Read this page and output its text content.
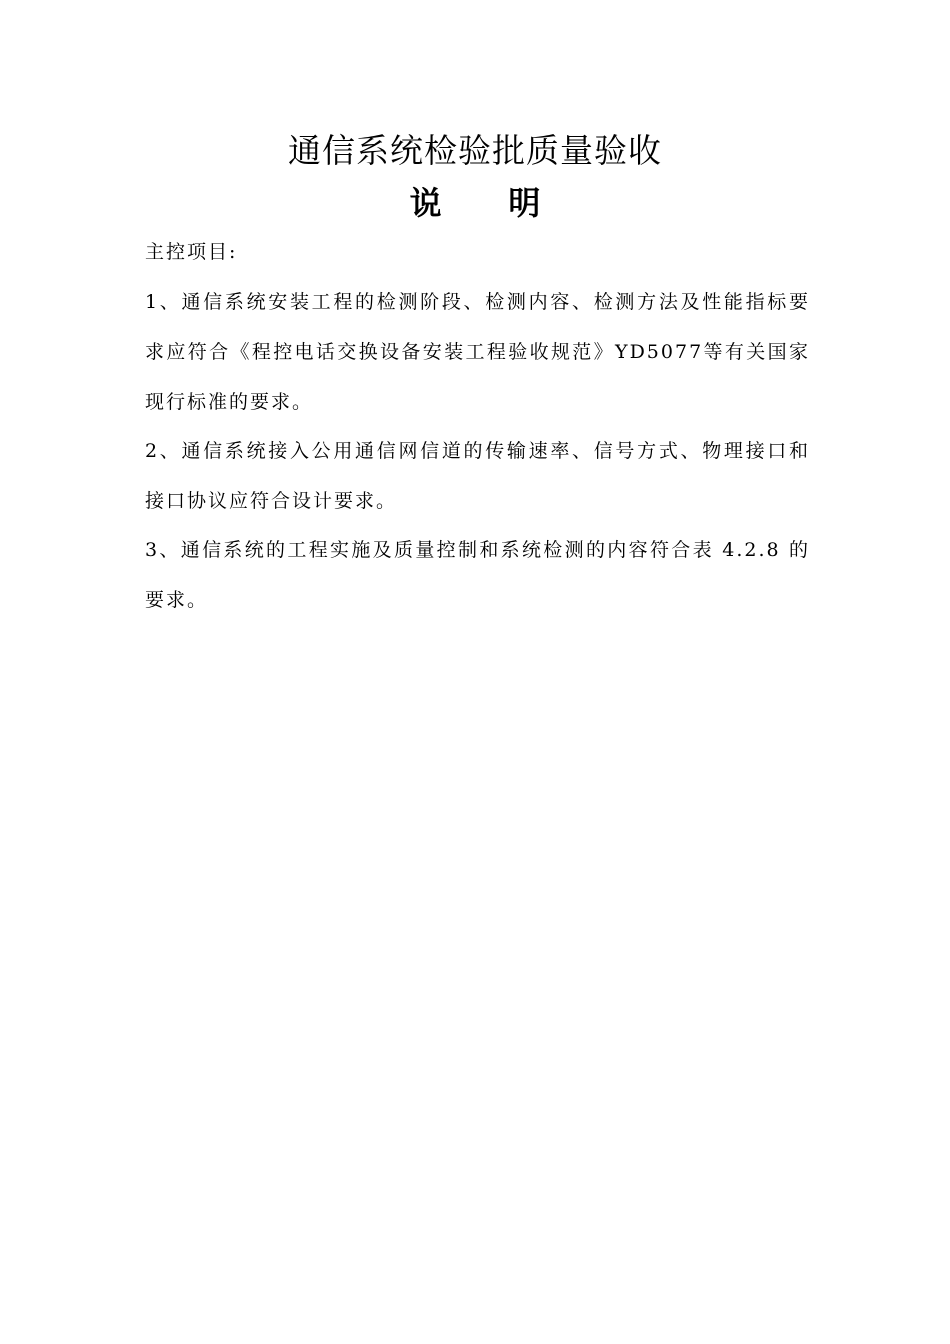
通信系统检验批质量验收
说      明

主控项目:

1、通信系统安装工程的检测阶段、检测内容、检测方法及性能指标要求应符合《程控电话交换设备安装工程验收规范》YD5077等有关国家现行标准的要求。

2、通信系统接入公用通信网信道的传输速率、信号方式、物理接口和接口协议应符合设计要求。

3、通信系统的工程实施及质量控制和系统检测的内容符合表 4.2.8 的要求。
